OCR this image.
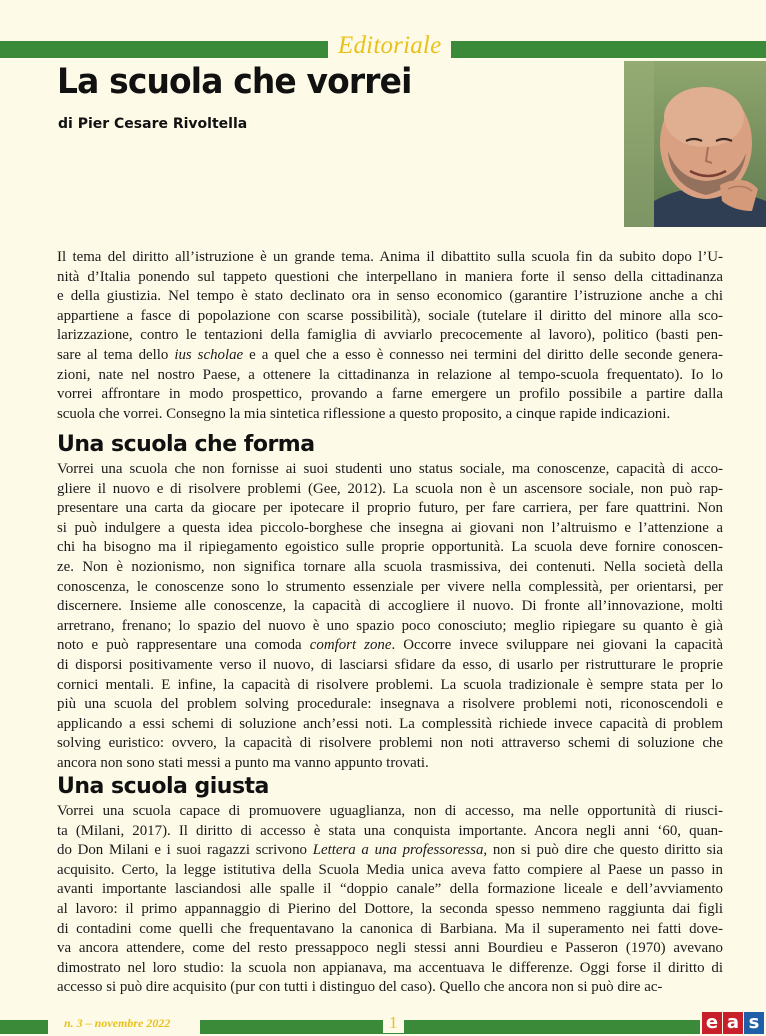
Editoriale
La scuola che vorrei

di Pier Cesare Rivoltella

Il tema del diritto all’istruzione è un grande tema. Anima il dibattito sulla scuola fin da subito dopo l’U-
nità d’Italia ponendo sul tappeto questioni che interpellano in maniera forte il senso della cittadinanza
e della giustizia. Nel tempo è stato declinato ora in senso economico (garantire l’istruzione anche a chi
appartiene a fasce di popolazione con scarse possibilità), sociale (tutelare il diritto del minore alla sco-
larizzazione, contro le tentazioni della famiglia di avviarlo precocemente al lavoro), politico (basti pen-
sare al tema dello ius scholae e a quel che a esso è connesso nei termini del diritto delle seconde genera-
zioni, nate nel nostro Paese, a ottenere la cittadinanza in relazione al tempo-scuola frequentato). Io lo
vorrei affrontare in modo prospettico, provando a farne emergere un profilo possibile a partire dalla
scuola che vorrei. Consegno la mia sintetica riflessione a questo proposito, a cinque rapide indicazioni.

Una scuola che forma

Vorrei una scuola che non fornisse ai suoi studenti uno status sociale, ma conoscenze, capacità di acco-
gliere il nuovo e di risolvere problemi (Gee, 2012). La scuola non è un ascensore sociale, non può rap-
presentare una carta da giocare per ipotecare il proprio futuro, per fare carriera, per fare quattrini. Non
si può indulgere a questa idea piccolo-borghese che insegna ai giovani non l’altruismo e l’attenzione a
chi ha bisogno ma il ripiegamento egoistico sulle proprie opportunità. La scuola deve fornire conoscen-
ze. Non è nozionismo, non significa tornare alla scuola trasmissiva, dei contenuti. Nella società della
conoscenza, le conoscenze sono lo strumento essenziale per vivere nella complessità, per orientarsi, per
discernere. Insieme alle conoscenze, la capacità di accogliere il nuovo. Di fronte all’innovazione, molti
arretrano, frenano; lo spazio del nuovo è uno spazio poco conosciuto; meglio ripiegare su quanto è già
noto e può rappresentare una comoda comfort zone. Occorre invece sviluppare nei giovani la capacità
di disporsi positivamente verso il nuovo, di lasciarsi sfidare da esso, di usarlo per ristrutturare le proprie
cornici mentali. E infine, la capacità di risolvere problemi. La scuola tradizionale è sempre stata per lo
più una scuola del problem solving procedurale: insegnava a risolvere problemi noti, riconoscendoli e
applicando a essi schemi di soluzione anch’essi noti. La complessità richiede invece capacità di problem
solving euristico: ovvero, la capacità di risolvere problemi non noti attraverso schemi di soluzione che
ancora non sono stati messi a punto ma vanno appunto trovati.

Una scuola giusta

Vorrei una scuola capace di promuovere uguaglianza, non di accesso, ma nelle opportunità di riusci-
ta (Milani, 2017). Il diritto di accesso è stata una conquista importante. Ancora negli anni ‘60, quan-
do Don Milani e i suoi ragazzi scrivono Lettera a una professoressa, non si può dire che questo diritto sia
acquisito. Certo, la legge istitutiva della Scuola Media unica aveva fatto compiere al Paese un passo in
avanti importante lasciandosi alle spalle il “doppio canale” della formazione liceale e dell’avviamento
al lavoro: il primo appannaggio di Pierino del Dottore, la seconda spesso nemmeno raggiunta dai figli
di contadini come quelli che frequentavano la canonica di Barbiana. Ma il superamento nei fatti dove-
va ancora attendere, come del resto pressappoco negli stessi anni Bourdieu e Passeron (1970) avevano
dimostrato nel loro studio: la scuola non appianava, ma accentuava le differenze. Oggi forse il diritto di
accesso si può dire acquisito (pur con tutti i distinguo del caso). Quello che ancora non si può dire ac-

n. 3 – novembre 2022	1	e a s
